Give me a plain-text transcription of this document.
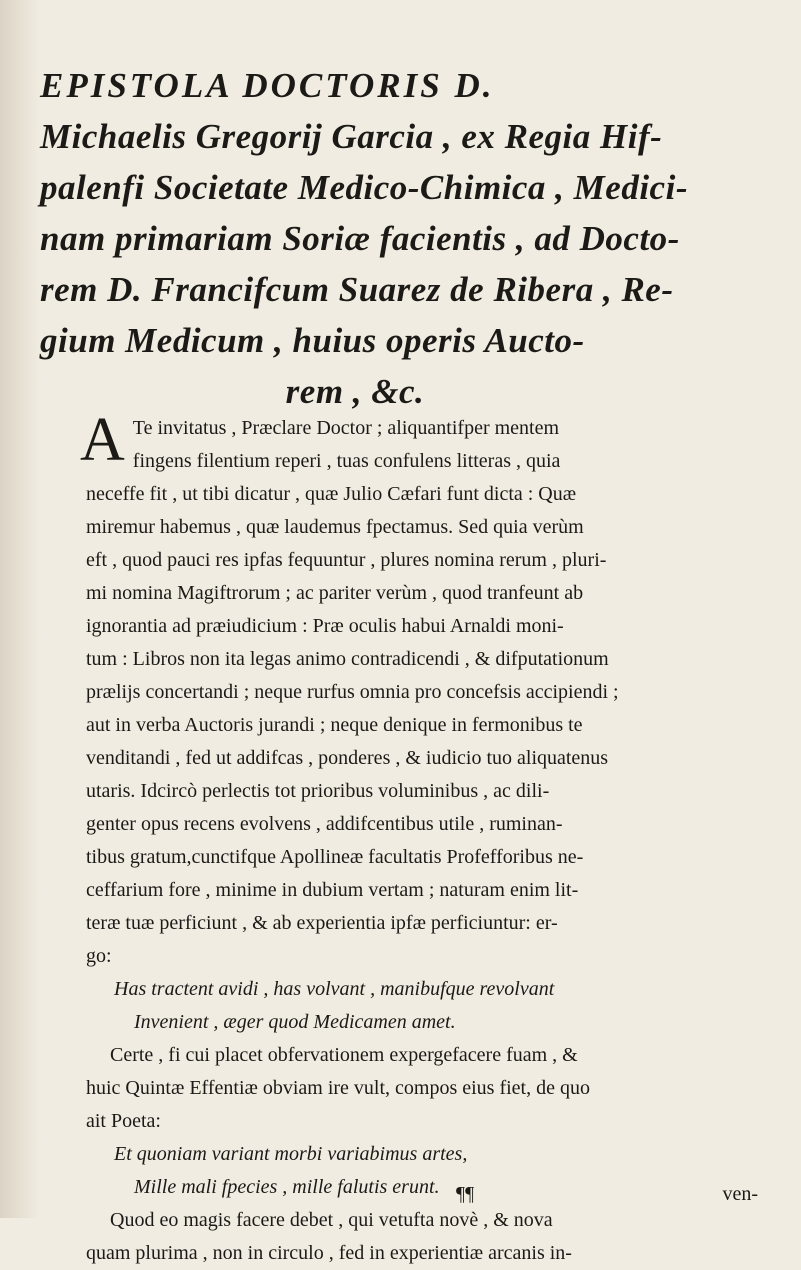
EPISTOLA DOCTORIS D.
Michaelis Gregorij Garcia , ex Regia Hif-
palenfi Societate Medico-Chimica , Medici-
nam primariam Soriæ facientis , ad Docto-
rem D. Francifcum Suarez de Ribera , Re-
gium Medicum , huius operis Aucto-
rem , &c.
A Te invitatus , Præclare Doctor ; aliquantifper mentem
fingens filentium reperi , tuas confulens litteras , quia
neceffe fit , ut tibi dicatur , quæ Julio Cæfari funt dicta : Quæ
miremur habemus , quæ laudemus fpectamus. Sed quia verùm
eft , quod pauci res ipfas fequuntur , plures nomina rerum , pluri-
mi nomina Magiftrorum ; ac pariter verùm , quod tranfeunt ab
ignorantia ad præiudicium : Præ oculis habui Arnaldi moni-
tum : Libros non ita legas animo contradicendi , & difputationum
prælijs concertandi ; neque rurfus omnia pro concefsis accipiendi ;
aut in verba Auctoris jurandi ; neque denique in fermonibus te
venditandi , fed ut addifcas , ponderes , & iudicio tuo aliquatenus
utaris. Idcircò perlectis tot prioribus voluminibus , ac dili-
genter opus recens evolvens , addifcentibus utile , ruminan-
tibus gratum,cunctifque Apollineæ facultatis Profefforibus ne-
ceffarium fore , minime in dubium vertam ; naturam enim lit-
teræ tuæ perficiunt , & ab experientia ipfæ perficiuntur: er-
go:
Has tractent avidi , has volvant , manibufque revolvant
Invenient , æger quod Medicamen amet.
Certe , fi cui placet obfervationem expergefacere fuam , &
huic Quintæ Effentiæ obviam ire vult, compos eius fiet, de quo
ait Poeta:
Et quoniam variant morbi variabimus artes,
Mille mali fpecies , mille falutis erunt.
Quod eo magis facere debet , qui vetufta novè , & nova
quam plurima , non in circulo , fed in experientiæ arcanis in-
¶¶	ven-
